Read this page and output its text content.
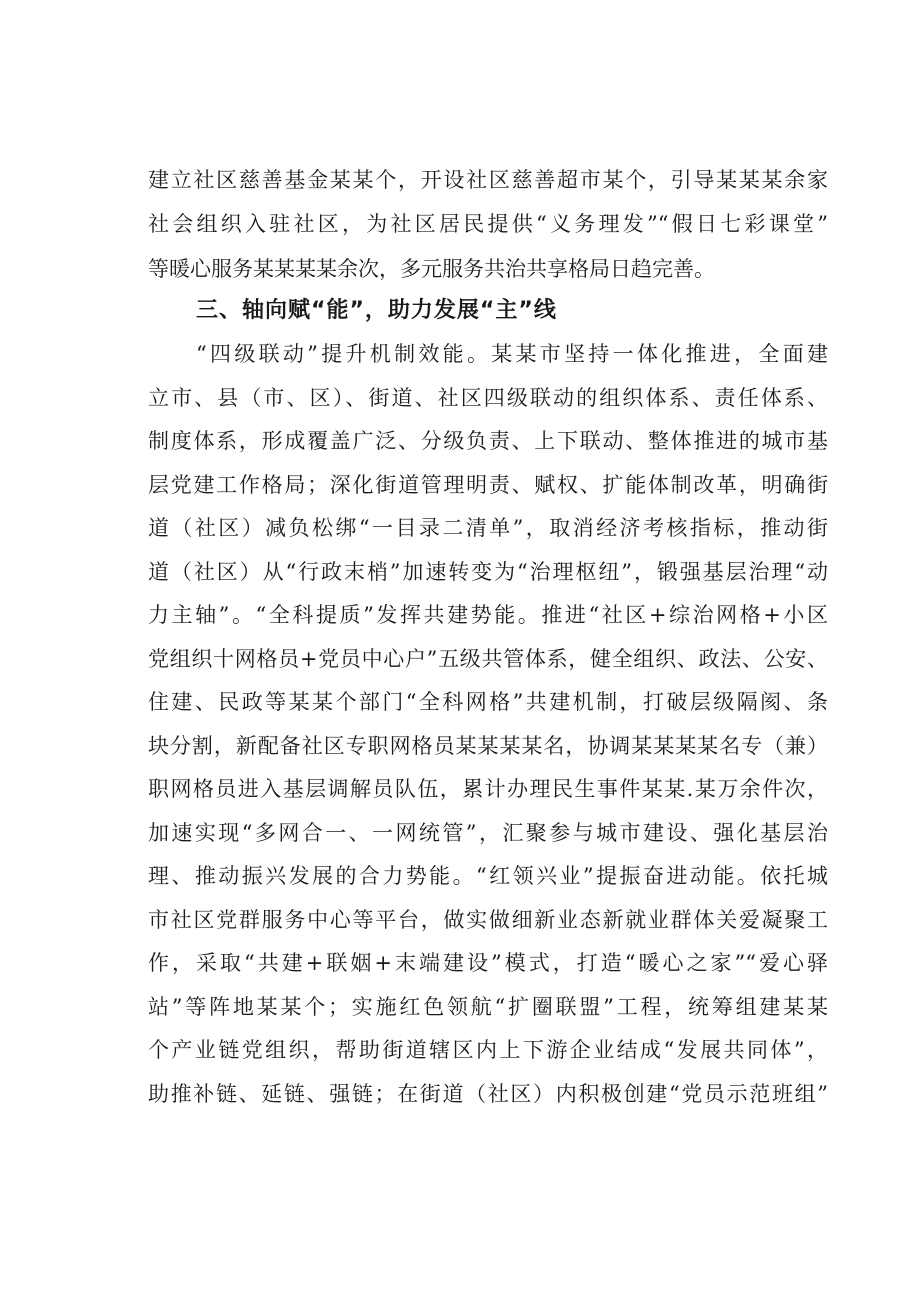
建立社区慈善基金某某个，开设社区慈善超市某个，引导某某某余家
社会组织入驻社区，为社区居民提供“义务理发”“假日七彩课堂”
等暖心服务某某某某余次，多元服务共治共享格局日趋完善。
三、轴向赋“能”，助力发展“主”线
“四级联动”提升机制效能。某某市坚持一体化推进，全面建
立市、县（市、区）、街道、社区四级联动的组织体系、责任体系、
制度体系，形成覆盖广泛、分级负责、上下联动、整体推进的城市基
层党建工作格局；深化街道管理明责、赋权、扩能体制改革，明确街
道（社区）减负松绑“一目录二清单”，取消经济考核指标，推动街
道（社区）从“行政末梢”加速转变为“治理枢纽”，锻强基层治理“动
力主轴”。“全科提质”发挥共建势能。推进“社区+综治网格+小区
党组织十网格员+党员中心户”五级共管体系，健全组织、政法、公安、
住建、民政等某某个部门“全科网格”共建机制，打破层级隔阂、条
块分割，新配备社区专职网格员某某某某名，协调某某某某名专（兼）
职网格员进入基层调解员队伍，累计办理民生事件某某.某万余件次，
加速实现“多网合一、一网统管”，汇聚参与城市建设、强化基层治
理、推动振兴发展的合力势能。“红领兴业”提振奋进动能。依托城
市社区党群服务中心等平台，做实做细新业态新就业群体关爱凝聚工
作，采取“共建+联姻+末端建设”模式，打造“暖心之家”“爱心驿
站”等阵地某某个；实施红色领航“扩圈联盟”工程，统筹组建某某
个产业链党组织，帮助街道辖区内上下游企业结成“发展共同体”，
助推补链、延链、强链；在街道（社区）内积极创建“党员示范班组”
